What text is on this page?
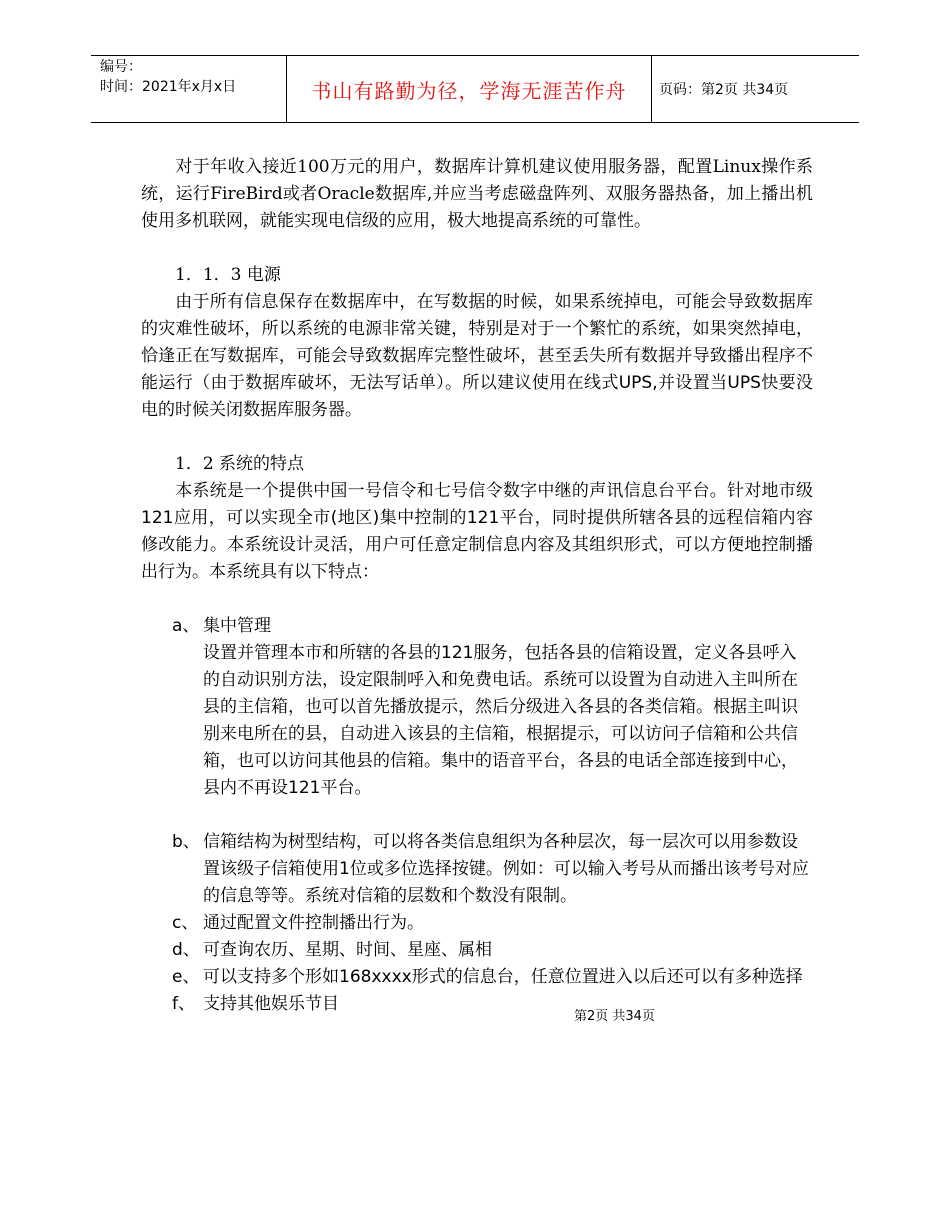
编号：
时间：2021年x月x日	书山有路勤为径，学海无涯苦作舟	页码：第2页 共34页

对于年收入接近100万元的用户，数据库计算机建议使用服务器，配置Linux操作系统，运行FireBird或者Oracle数据库,并应当考虑磁盘阵列、双服务器热备，加上播出机使用多机联网，就能实现电信级的应用，极大地提高系统的可靠性。

1．1．3 电源

由于所有信息保存在数据库中，在写数据的时候，如果系统掉电，可能会导致数据库的灾难性破坏，所以系统的电源非常关键，特别是对于一个繁忙的系统，如果突然掉电，恰逢正在写数据库，可能会导致数据库完整性破坏，甚至丢失所有数据并导致播出程序不能运行（由于数据库破坏，无法写话单）。所以建议使用在线式UPS,并设置当UPS快要没电的时候关闭数据库服务器。

1．2 系统的特点

本系统是一个提供中国一号信令和七号信令数字中继的声讯信息台平台。针对地市级121应用，可以实现全市(地区)集中控制的121平台，同时提供所辖各县的远程信箱内容修改能力。本系统设计灵活，用户可任意定制信息内容及其组织形式，可以方便地控制播出行为。本系统具有以下特点：

a、 集中管理
设置并管理本市和所辖的各县的121服务，包括各县的信箱设置，定义各县呼入的自动识别方法，设定限制呼入和免费电话。系统可以设置为自动进入主叫所在县的主信箱，也可以首先播放提示，然后分级进入各县的各类信箱。根据主叫识别来电所在的县，自动进入该县的主信箱，根据提示，可以访问子信箱和公共信箱，也可以访问其他县的信箱。集中的语音平台，各县的电话全部连接到中心，县内不再设121平台。
b、 信箱结构为树型结构，可以将各类信息组织为各种层次，每一层次可以用参数设置该级子信箱使用1位或多位选择按键。例如：可以输入考号从而播出该考号对应的信息等等。系统对信箱的层数和个数没有限制。
c、 通过配置文件控制播出行为。
d、 可查询农历、星期、时间、星座、属相
e、 可以支持多个形如168xxxx形式的信息台，任意位置进入以后还可以有多种选择
f、 支持其他娱乐节目
第2页 共34页
